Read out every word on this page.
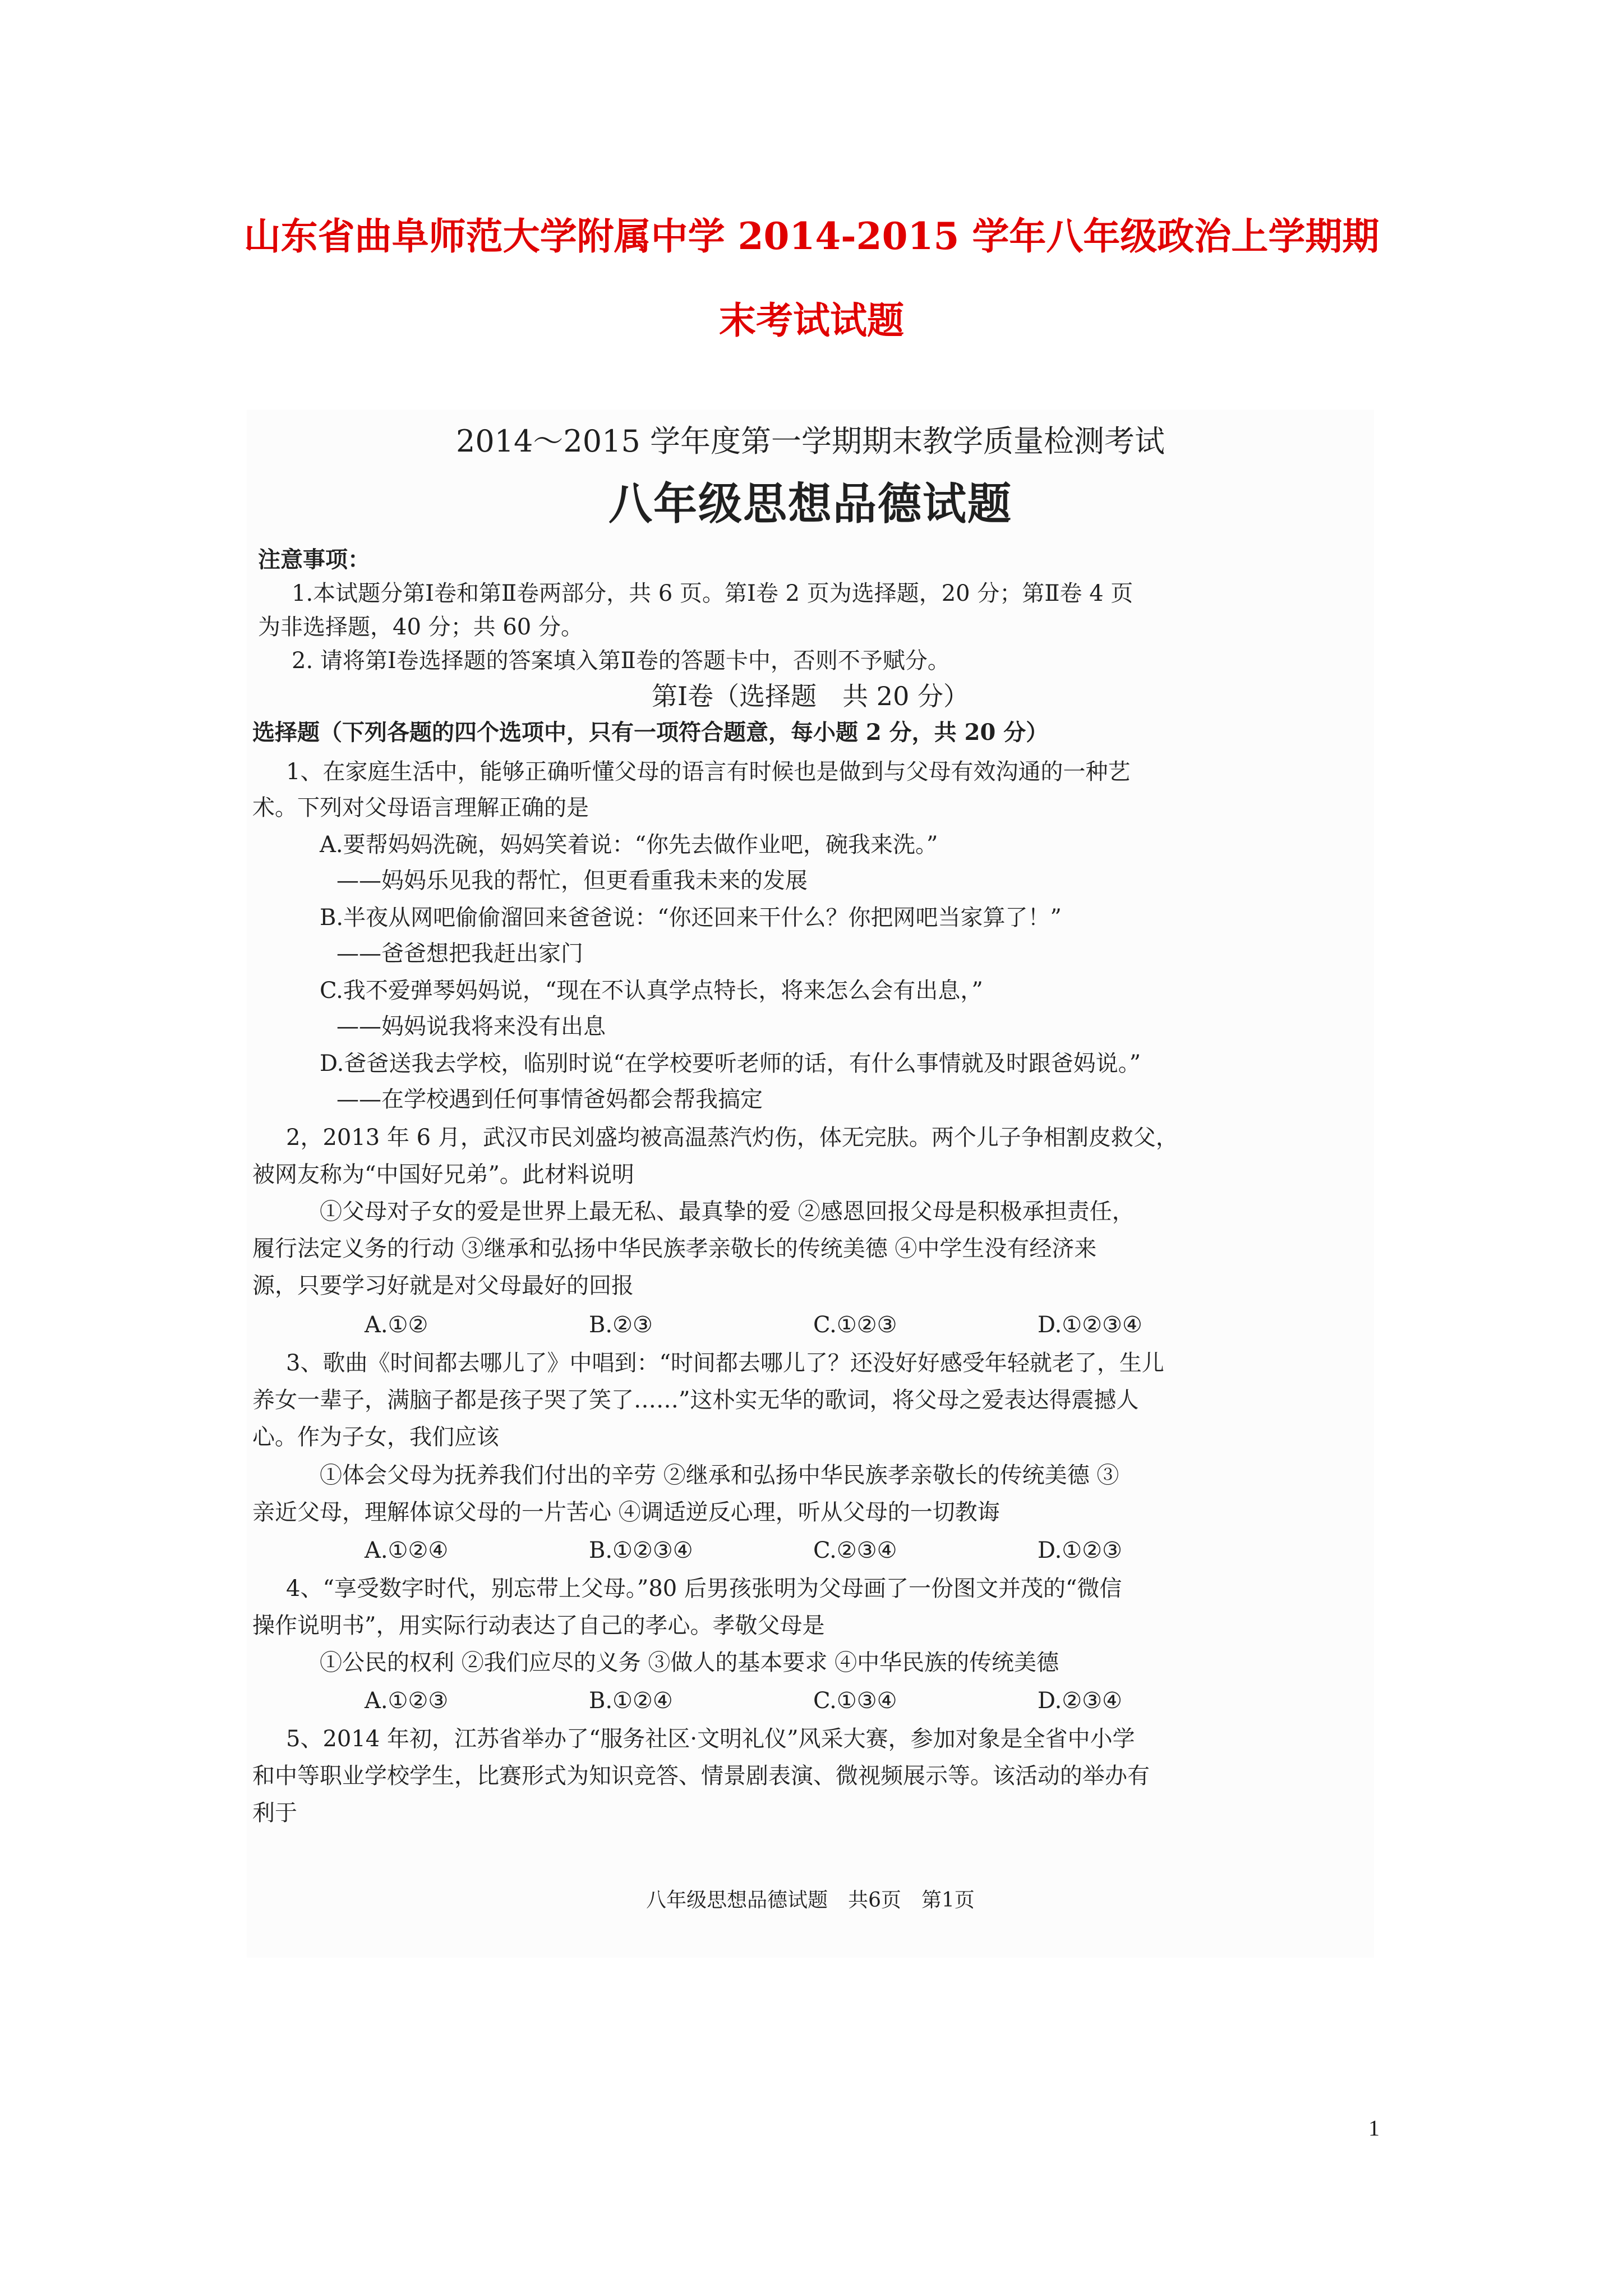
山东省曲阜师范大学附属中学 2014-2015 学年八年级政治上学期期
末考试试题
2014～2015 学年度第一学期期末教学质量检测考试
八年级思想品德试题
注意事项：
1.本试题分第Ⅰ卷和第Ⅱ卷两部分，共 6 页。第Ⅰ卷 2 页为选择题，20 分；第Ⅱ卷 4 页
为非选择题，40 分；共 60 分。
2. 请将第Ⅰ卷选择题的答案填入第Ⅱ卷的答题卡中，否则不予赋分。
第Ⅰ卷（选择题　共 20 分）
选择题（下列各题的四个选项中，只有一项符合题意，每小题 2 分，共 20 分）
1、在家庭生活中，能够正确听懂父母的语言有时候也是做到与父母有效沟通的一种艺
术。下列对父母语言理解正确的是
A.要帮妈妈洗碗，妈妈笑着说：“你先去做作业吧，碗我来洗。”
——妈妈乐见我的帮忙，但更看重我未来的发展
B.半夜从网吧偷偷溜回来爸爸说：“你还回来干什么？你把网吧当家算了！”
——爸爸想把我赶出家门
C.我不爱弹琴妈妈说，“现在不认真学点特长，将来怎么会有出息，”
——妈妈说我将来没有出息
D.爸爸送我去学校，临别时说“在学校要听老师的话，有什么事情就及时跟爸妈说。”
——在学校遇到任何事情爸妈都会帮我搞定
2，2013 年 6 月，武汉市民刘盛均被高温蒸汽灼伤，体无完肤。两个儿子争相割皮救父，
被网友称为“中国好兄弟”。此材料说明
①父母对子女的爱是世界上最无私、最真挚的爱 ②感恩回报父母是积极承担责任，
履行法定义务的行动 ③继承和弘扬中华民族孝亲敬长的传统美德 ④中学生没有经济来
源，只要学习好就是对父母最好的回报
A.①②	B.②③	C.①②③	D.①②③④
3、歌曲《时间都去哪儿了》中唱到：“时间都去哪儿了？还没好好感受年轻就老了，生儿
养女一辈子，满脑子都是孩子哭了笑了……”这朴实无华的歌词，将父母之爱表达得震撼人
心。作为子女，我们应该
①体会父母为抚养我们付出的辛劳 ②继承和弘扬中华民族孝亲敬长的传统美德 ③
亲近父母，理解体谅父母的一片苦心 ④调适逆反心理，听从父母的一切教诲
A.①②④	B.①②③④	C.②③④	D.①②③
4、“享受数字时代，别忘带上父母。”80 后男孩张明为父母画了一份图文并茂的“微信
操作说明书”，用实际行动表达了自己的孝心。孝敬父母是
①公民的权利 ②我们应尽的义务 ③做人的基本要求 ④中华民族的传统美德
A.①②③	B.①②④	C.①③④	D.②③④
5、2014 年初，江苏省举办了“服务社区·文明礼仪”风采大赛，参加对象是全省中小学
和中等职业学校学生，比赛形式为知识竞答、情景剧表演、微视频展示等。该活动的举办有
利于
八年级思想品德试题　共6页　第1页
1
